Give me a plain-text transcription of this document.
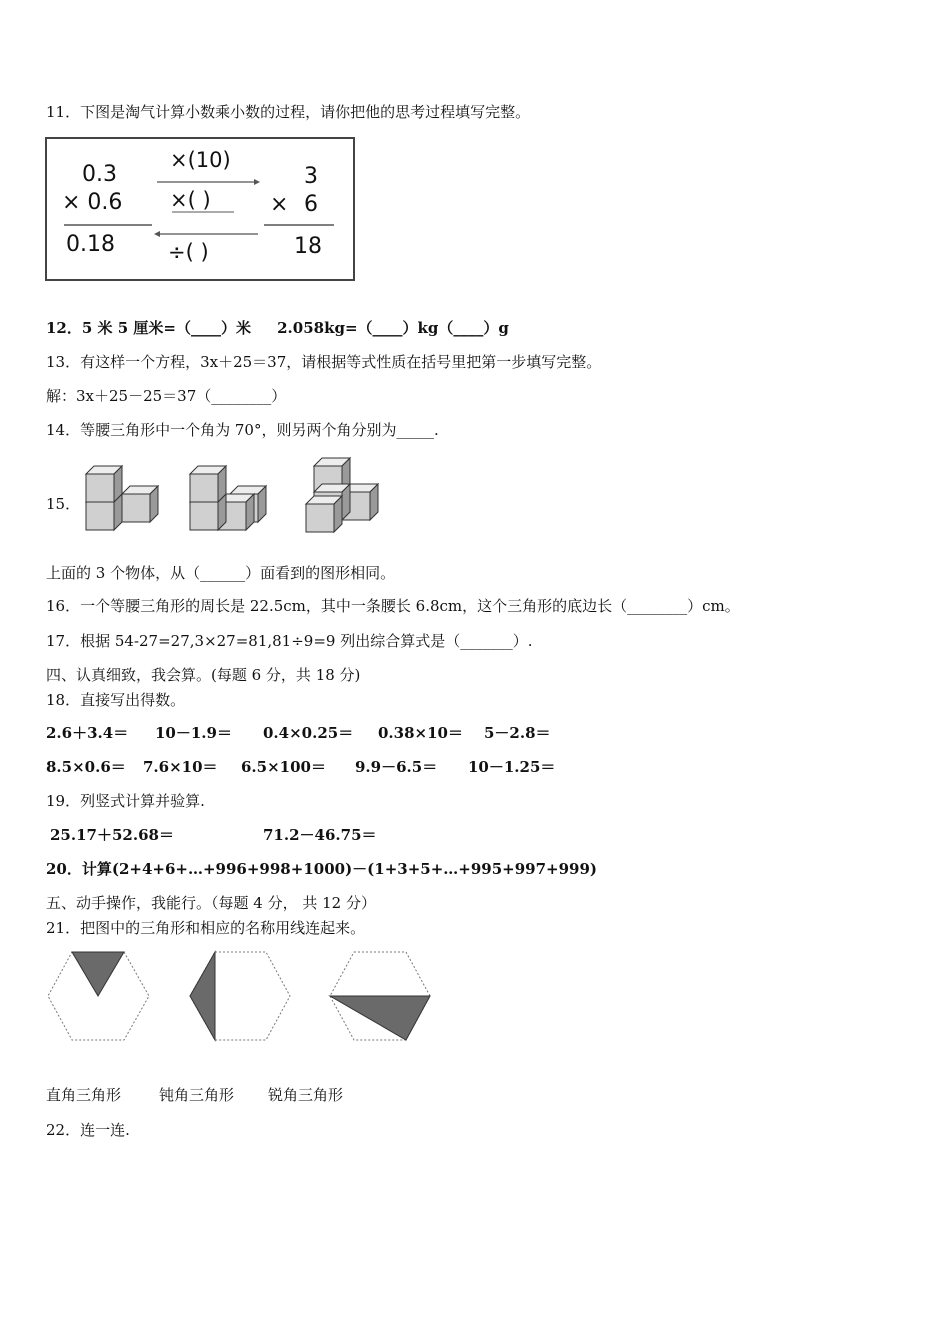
11．下图是淘气计算小数乘小数的过程，请你把他的思考过程填写完整。
0.3
× 0.6
0.18
×(10)
×( )
÷( )
3
× 6
18
12．5 米 5 厘米=（____）米     2.058kg=（____）kg（____）g
13．有这样一个方程，3x＋25＝37，请根据等式性质在括号里把第一步填写完整。
解：3x＋25－25＝37（________）
14．等腰三角形中一个角为 70°，则另两个角分别为_____.
15．
上面的 3 个物体，从（______）面看到的图形相同。
16．一个等腰三角形的周长是 22.5cm，其中一条腰长 6.8cm，这个三角形的底边长（________）cm。
17．根据 54-27=27,3×27=81,81÷9=9 列出综合算式是（_______）.
四、认真细致，我会算。(每题 6 分，共 18 分)
18．直接写出得数。
2.6＋3.4＝ 10－1.9＝ 0.4×0.25＝ 0.38×10＝ 5－2.8＝
8.5×0.6＝ 7.6×10＝ 6.5×100＝ 9.9－6.5＝ 10－1.25＝
19．列竖式计算并验算.
25.17＋52.68＝	71.2－46.75＝
20．计算(2+4+6+…+996+998+1000)－(1+3+5+…+995+997+999)
五、动手操作，我能行。（每题 4 分， 共 12 分）
21．把图中的三角形和相应的名称用线连起来。
直角三角形	钝角三角形 锐角三角形
22．连一连.
